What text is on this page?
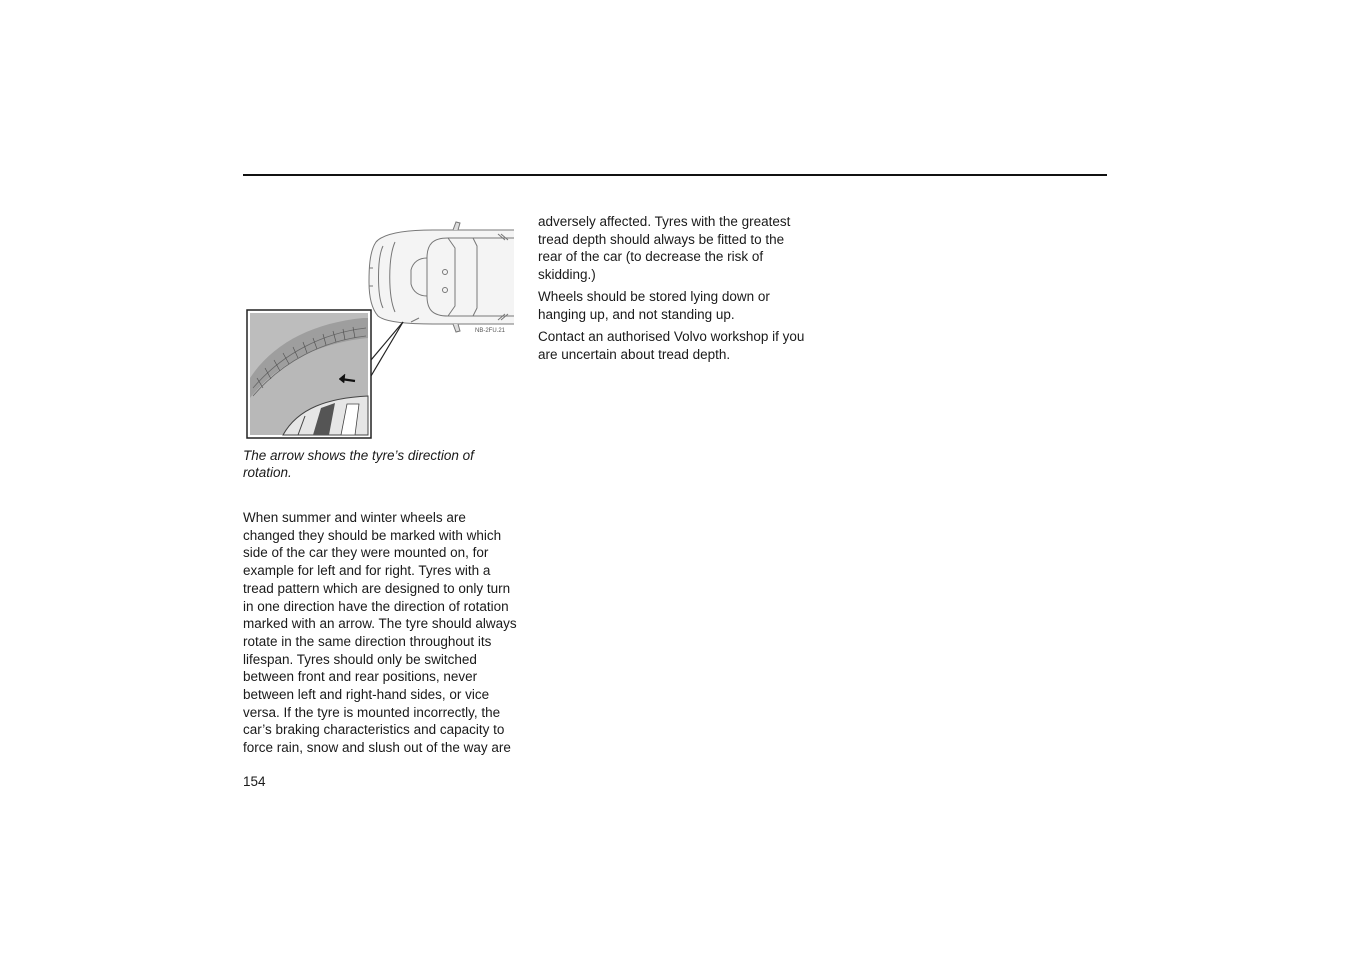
NB-2FU.21
The arrow shows the tyre’s direction of rotation.
When summer and winter wheels are
changed they should be marked with which
side of the car they were mounted on, for
example for left and for right. Tyres with a
tread pattern which are designed to only turn
in one direction have the direction of rotation
marked with an arrow. The tyre should always
rotate in the same direction throughout its
lifespan. Tyres should only be switched
between front and rear positions, never
between left and right-hand sides, or vice
versa. If the tyre is mounted incorrectly, the
car’s braking characteristics and capacity to
force rain, snow and slush out of the way are

adversely affected. Tyres with the greatest
tread depth should always be fitted to the
rear of the car (to decrease the risk of
skidding.)

Wheels should be stored lying down or
hanging up, and not standing up.

Contact an authorised Volvo workshop if you
are uncertain about tread depth.

154
